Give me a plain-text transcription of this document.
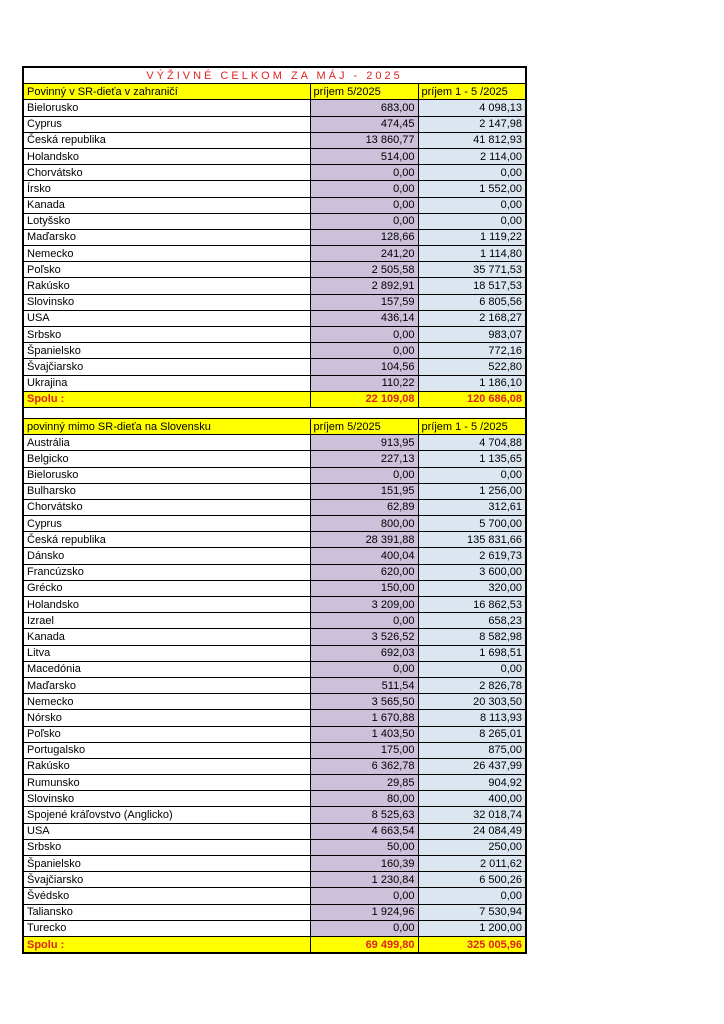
VÝŽIVNÉ CELKOM ZA MÁJ - 2025		
Povinný v SR-dieťa v zahraničí	príjem 5/2025	príjem 1 - 5 /2025
Bielorusko	683,00	4 098,13
Cyprus	474,45	2 147,98
Česká republika	13 860,77	41 812,93
Holandsko	514,00	2 114,00
Chorvátsko	0,00	0,00
Írsko	0,00	1 552,00
Kanada	0,00	0,00
Lotyšsko	0,00	0,00
Maďarsko	128,66	1 119,22
Nemecko	241,20	1 114,80
Poľsko	2 505,58	35 771,53
Rakúsko	2 892,91	18 517,53
Slovinsko	157,59	6 805,56
USA	436,14	2 168,27
Srbsko	0,00	983,07
Španielsko	0,00	772,16
Švajčiarsko	104,56	522,80
Ukrajina	110,22	1 186,10
Spolu :	22 109,08	120 686,08

povinný mimo SR-dieťa na Slovensku	príjem 5/2025	príjem 1 - 5 /2025
Austrália	913,95	4 704,88
Belgicko	227,13	1 135,65
Bielorusko	0,00	0,00
Bulharsko	151,95	1 256,00
Chorvátsko	62,89	312,61
Cyprus	800,00	5 700,00
Česká republika	28 391,88	135 831,66
Dánsko	400,04	2 619,73
Francúzsko	620,00	3 600,00
Grécko	150,00	320,00
Holandsko	3 209,00	16 862,53
Izrael	0,00	658,23
Kanada	3 526,52	8 582,98
Litva	692,03	1 698,51
Macedónia	0,00	0,00
Maďarsko	511,54	2 826,78
Nemecko	3 565,50	20 303,50
Nórsko	1 670,88	8 113,93
Poľsko	1 403,50	8 265,01
Portugalsko	175,00	875,00
Rakúsko	6 362,78	26 437,99
Rumunsko	29,85	904,92
Slovinsko	80,00	400,00
Spojené kráľovstvo (Anglicko)	8 525,63	32 018,74
USA	4 663,54	24 084,49
Srbsko	50,00	250,00
Španielsko	160,39	2 011,62
Švajčiarsko	1 230,84	6 500,26
Švédsko	0,00	0,00
Taliansko	1 924,96	7 530,94
Turecko	0,00	1 200,00
Spolu :	69 499,80	325 005,96
